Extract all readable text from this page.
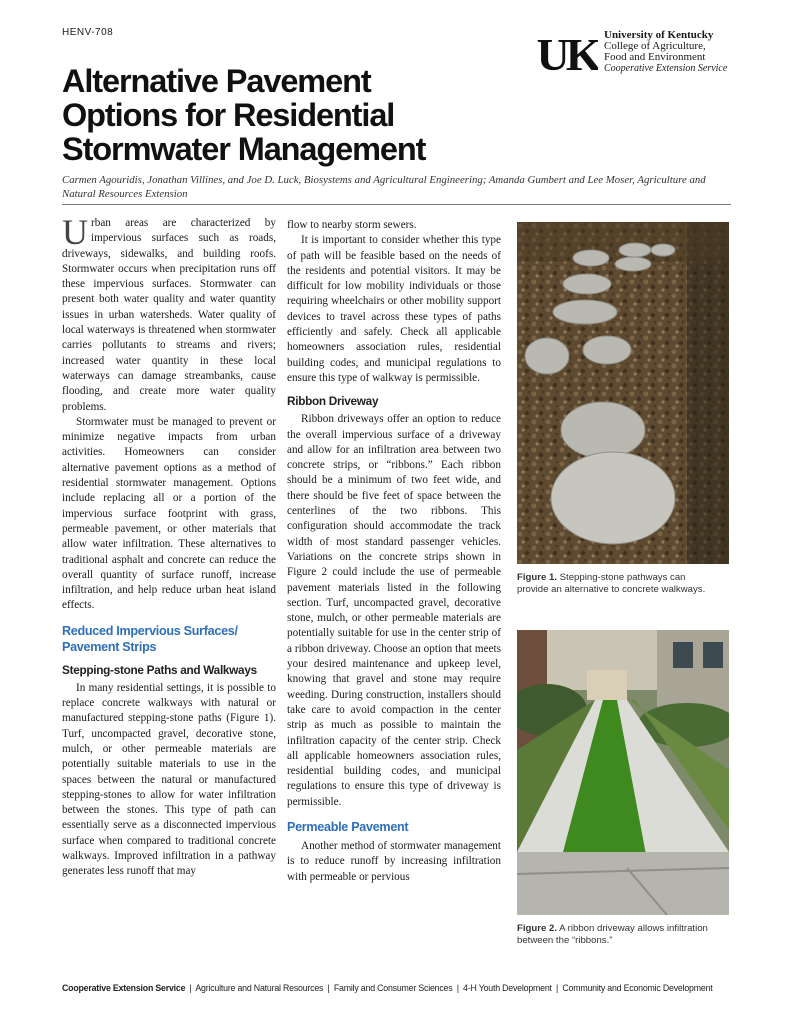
HENV-708	UK University of Kentucky
College of Agriculture,
Food and Environment
Cooperative Extension Service
Alternative Pavement
Options for Residential
Stormwater Management

Carmen Agouridis, Jonathan Villines, and Joe D. Luck, Biosystems and Agricultural Engineering; Amanda Gumbert and Lee Moser, Agriculture and Natural Resources Extension

Urban areas are characterized by impervious surfaces such as roads, driveways, sidewalks, and building roofs. Stormwater occurs when precipitation runs off these impervious surfaces. Stormwater can present both water quality and water quantity issues in urban watersheds. Water quality of local waterways is threatened when stormwater carries pollutants to streams and rivers; increased water quantity in these local waterways can damage streambanks, cause flooding, and create more water quality problems.

Stormwater must be managed to prevent or minimize negative impacts from urban activities. Homeowners can consider alternative pavement options as a method of residential stormwater management. Options include replacing all or a portion of the impervious surface footprint with grass, permeable pavement, or other materials that allow water infiltration. These alternatives to traditional asphalt and concrete can reduce the overall quantity of surface runoff, increase infiltration, and help reduce urban heat island effects.

Reduced Impervious Surfaces/
Pavement Strips
Stepping-stone Paths and Walkways

In many residential settings, it is possible to replace concrete walkways with natural or manufactured stepping-stone paths (Figure 1). Turf, uncompacted gravel, decorative stone, mulch, or other permeable materials are potentially suitable materials to use in the spaces between the natural or manufactured stepping-stones to allow for water infiltration between the stones. This type of path can essentially serve as a disconnected impervious surface when compared to traditional concrete walkways. Improved infiltration in a pathway generates less runoff that may

flow to nearby storm sewers.

It is important to consider whether this type of path will be feasible based on the needs of the residents and potential visitors. It may be difficult for low mobility individuals or those requiring wheelchairs or other mobility support devices to travel across these types of paths efficiently and safely. Check all applicable homeowners association rules, residential building codes, and municipal regulations to ensure this type of walkway is permissible.

Ribbon Driveway

Ribbon driveways offer an option to reduce the overall impervious surface of a driveway and allow for an infiltration area between two concrete strips, or “ribbons.” Each ribbon should be a minimum of two feet wide, and there should be five feet of space between the centerlines of the two ribbons. This configuration should accommodate the track width of most standard passenger vehicles. Variations on the concrete strips shown in Figure 2 could include the use of permeable pavement materials listed in the following section. Turf, uncompacted gravel, decorative stone, mulch, or other permeable materials are potentially suitable for use in the center strip of a ribbon driveway. Choose an option that meets your desired maintenance and upkeep level, knowing that gravel and stone may require weeding. During construction, installers should take care to avoid compaction in the center strip as much as possible to maintain the infiltration capacity of the center strip. Check all applicable homeowners association rules, residential building codes, and municipal regulations to ensure this type of driveway is permissible.

Permeable Pavement

Another method of stormwater management is to reduce runoff by increasing infiltration with permeable or pervious

Figure 1. Stepping-stone pathways can provide an alternative to concrete walkways.
Figure 2. A ribbon driveway allows infiltration between the “ribbons.”
Cooperative Extension Service | Agriculture and Natural Resources | Family and Consumer Sciences | 4-H Youth Development | Community and Economic Development
